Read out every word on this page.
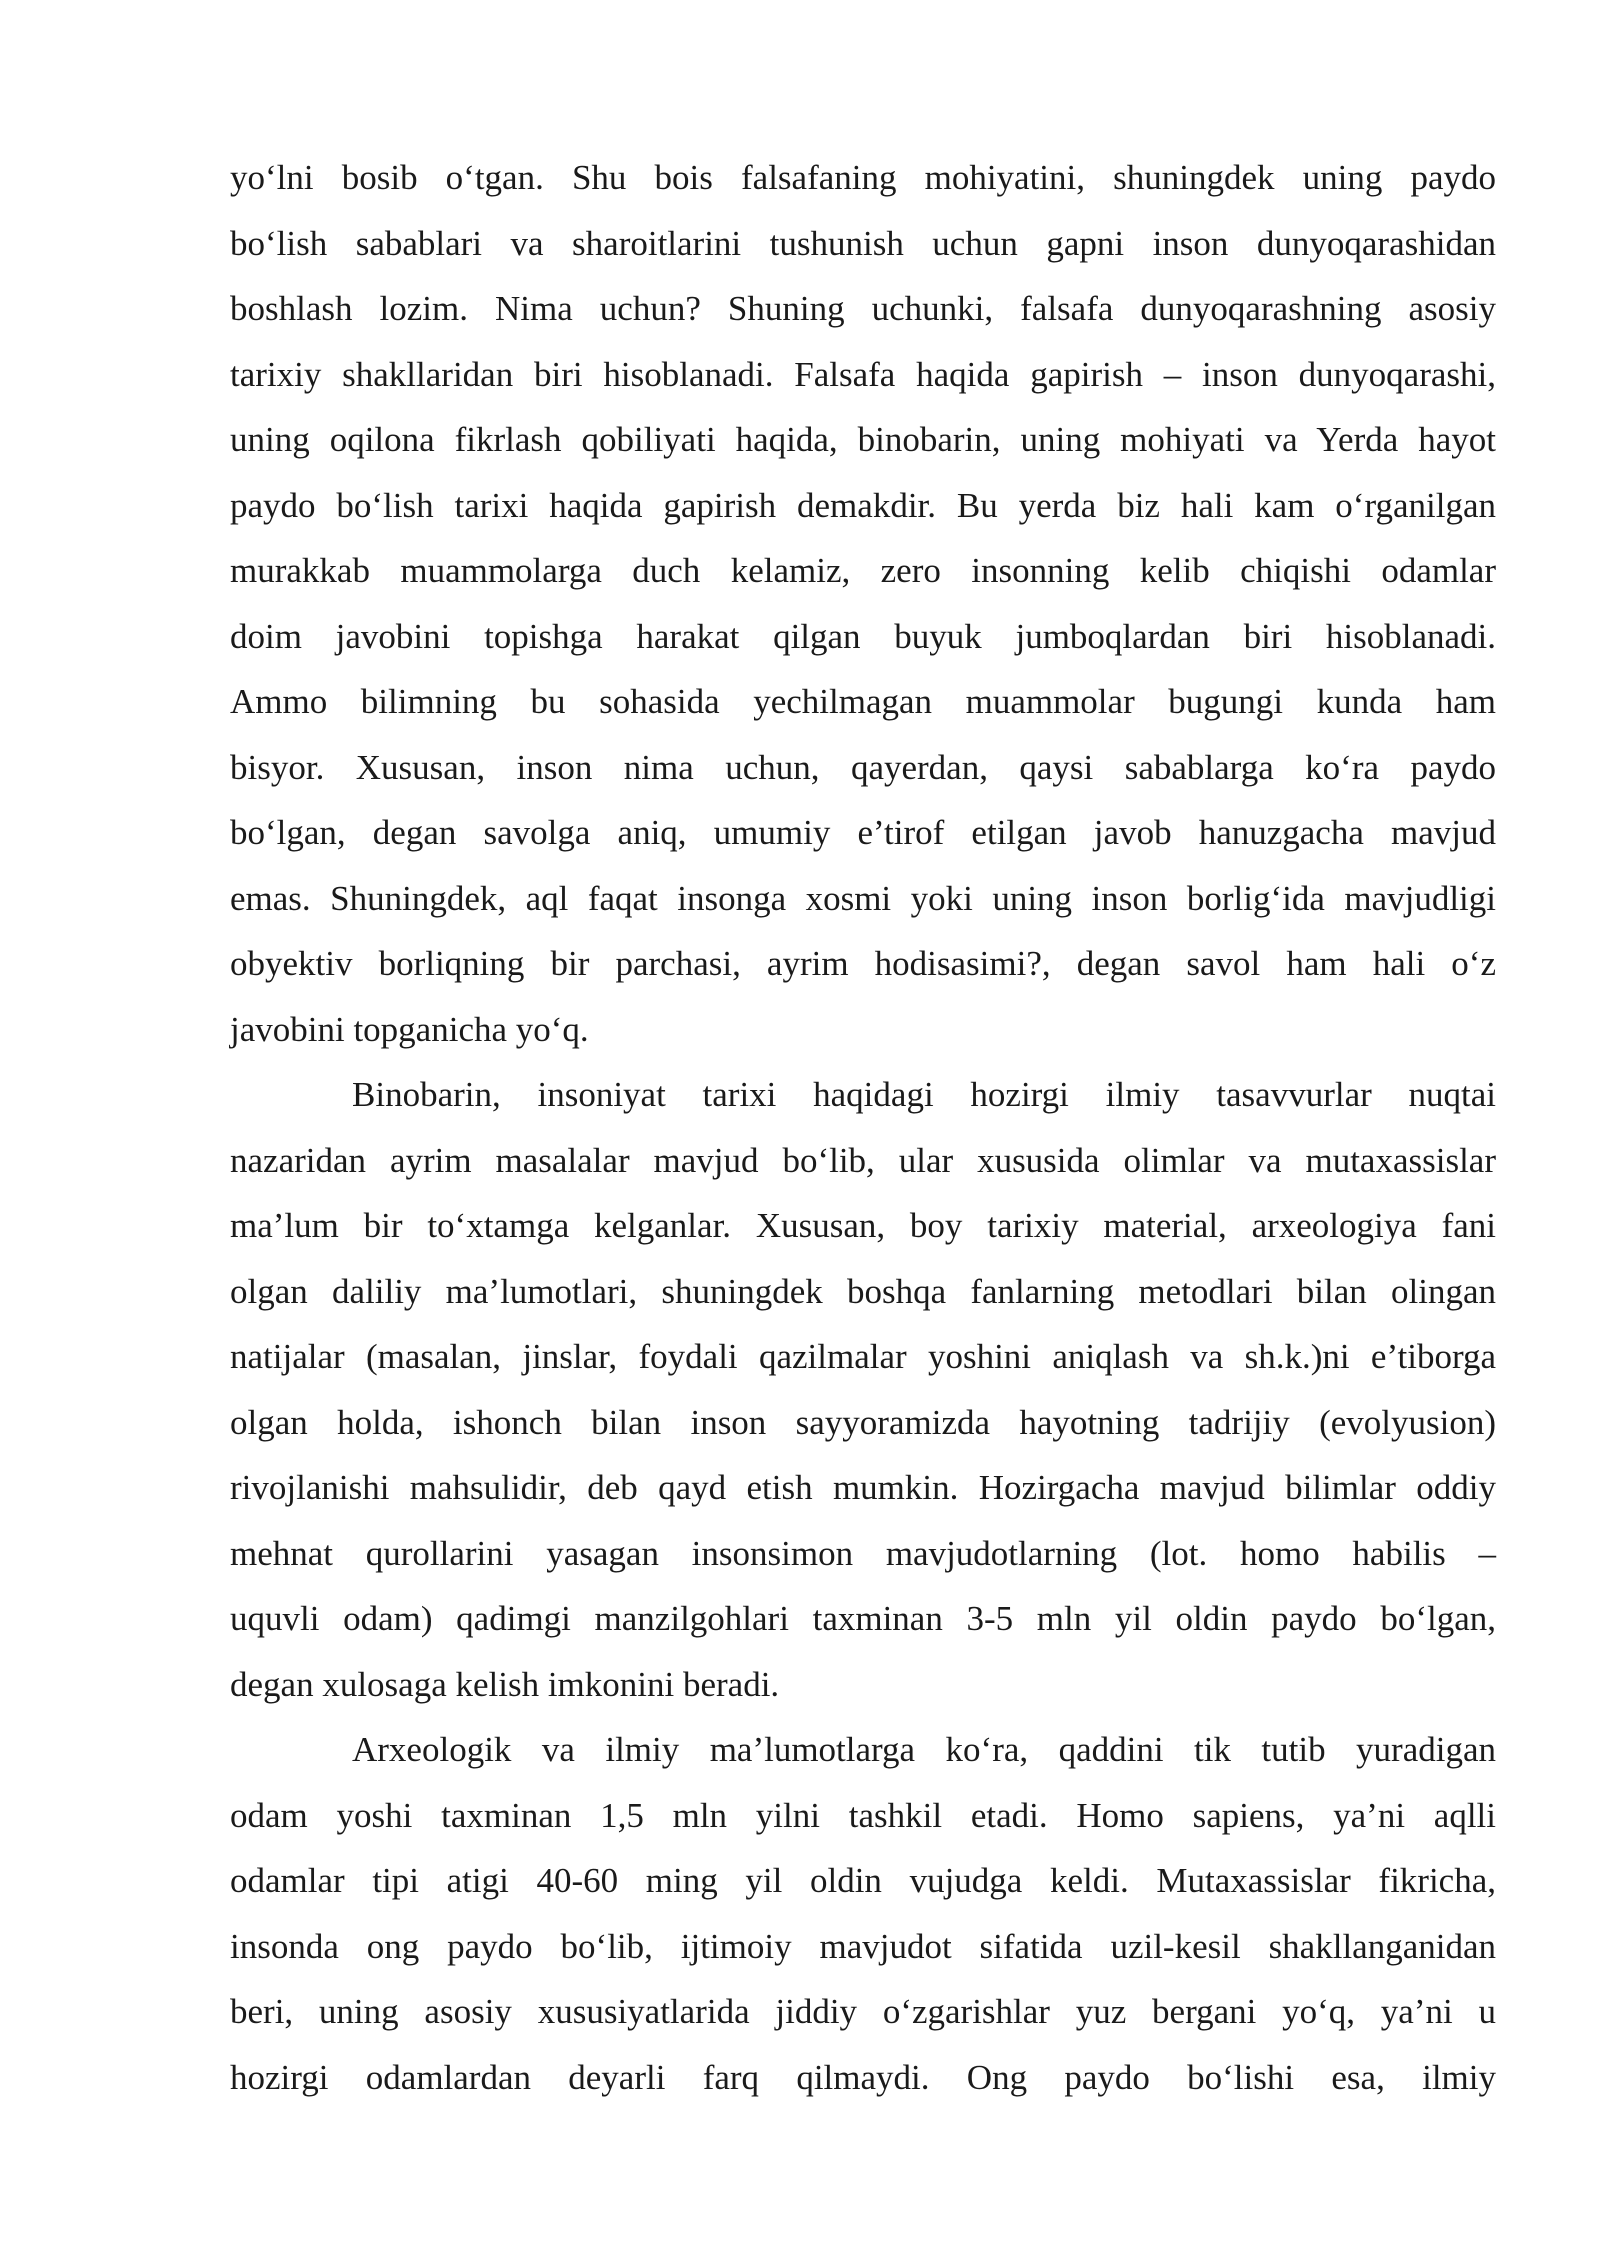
yo‘lni bosib o‘tgan. Shu bois falsafaning mohiyatini, shuningdek uning paydo
bo‘lish sabablari va sharoitlarini tushunish uchun gapni inson dunyoqarashidan
boshlash lozim. Nima uchun? Shuning uchunki, falsafa dunyoqarashning asosiy
tarixiy shakllaridan biri hisoblanadi. Falsafa haqida gapirish – inson dunyoqarashi,
uning oqilona fikrlash qobiliyati haqida, binobarin, uning mohiyati va Yerda hayot
paydo bo‘lish tarixi haqida gapirish demakdir. Bu yerda biz hali kam o‘rganilgan
murakkab muammolarga duch kelamiz, zero insonning kelib chiqishi odamlar
doim javobini topishga harakat qilgan buyuk jumboqlardan biri hisoblanadi.
Ammo bilimning bu sohasida yechilmagan muammolar bugungi kunda ham
bisyor. Xususan, inson nima uchun, qayerdan, qaysi sabablarga ko‘ra paydo
bo‘lgan, degan savolga aniq, umumiy e’tirof etilgan javob hanuzgacha mavjud
emas. Shuningdek, aql faqat insonga xosmi yoki uning inson borlig‘ida mavjudligi
obyektiv borliqning bir parchasi, ayrim hodisasimi?, degan savol ham hali o‘z
javobini topganicha yo‘q.
Binobarin, insoniyat tarixi haqidagi hozirgi ilmiy tasavvurlar nuqtai
nazaridan ayrim masalalar mavjud bo‘lib, ular xususida olimlar va mutaxassislar
ma’lum bir to‘xtamga kelganlar. Xususan, boy tarixiy material, arxeologiya fani
olgan daliliy ma’lumotlari, shuningdek boshqa fanlarning metodlari bilan olingan
natijalar (masalan, jinslar, foydali qazilmalar yoshini aniqlash va sh.k.)ni e’tiborga
olgan holda, ishonch bilan inson sayyoramizda hayotning tadrijiy (evolyusion)
rivojlanishi mahsulidir, deb qayd etish mumkin. Hozirgacha mavjud bilimlar oddiy
mehnat qurollarini yasagan insonsimon mavjudotlarning (lot. homo habilis –
uquvli odam) qadimgi manzilgohlari taxminan 3-5 mln yil oldin paydo bo‘lgan,
degan xulosaga kelish imkonini beradi.
Arxeologik va ilmiy ma’lumotlarga ko‘ra, qaddini tik tutib yuradigan
odam yoshi taxminan 1,5 mln yilni tashkil etadi. Homo sapiens, ya’ni aqlli
odamlar tipi atigi 40-60 ming yil oldin vujudga keldi. Mutaxassislar fikricha,
insonda ong paydo bo‘lib, ijtimoiy mavjudot sifatida uzil-kesil shakllanganidan
beri, uning asosiy xususiyatlarida jiddiy o‘zgarishlar yuz bergani yo‘q, ya’ni u
hozirgi odamlardan deyarli farq qilmaydi. Ong paydo bo‘lishi esa, ilmiy
